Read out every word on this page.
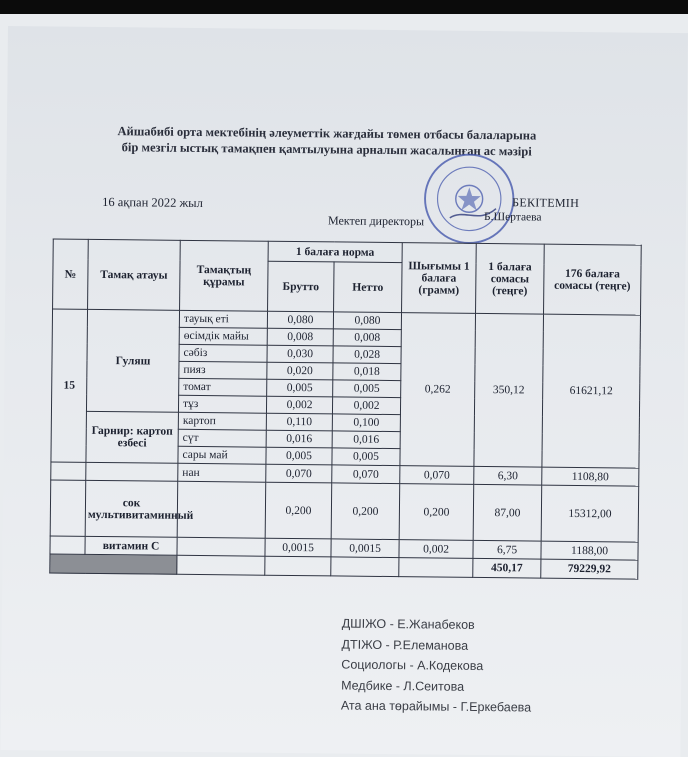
Айшабибі орта мектебінің әлеуметтік жағдайы төмен отбасы балаларына
бір мезгіл ыстық тамақпен қамтылуына арналып жасалынған ас мәзірі
16 ақпан 2022 жыл	БЕКІТЕМІН
Мектеп директоры	Б.Шертаева
№	Тамақ атауы	Тамақтың құрамы	1 балаға норма		Шығымы 1 балаға (грамм)	1 балаға сомасы (теңге)	176 балаға сомасы (теңге)
			Брутто	Нетто			
15	Гуляш	тауық еті	0,080	0,080	0,262	350,12	61621,12
		өсімдік майы	0,008	0,008			
		сәбіз	0,030	0,028			
		пияз	0,020	0,018			
		томат	0,005	0,005			
		тұз	0,002	0,002			
	Гарнир: картоп езбесі	картоп	0,110	0,100			
		сүт	0,016	0,016			
		сары май	0,005	0,005			
		нан	0,070	0,070	0,070	6,30	1108,80
	сок мультивитаминный		0,200	0,200	0,200	87,00	15312,00
	витамин С		0,0015	0,0015	0,002	6,75	1188,00
						450,17	79229,92
ДШІЖО - Е.Жанабеков
ДТІЖО - Р.Елеманова
Социологы - А.Кодекова
Медбике - Л.Сеитова
Ата ана төрайымы - Г.Еркебаева
